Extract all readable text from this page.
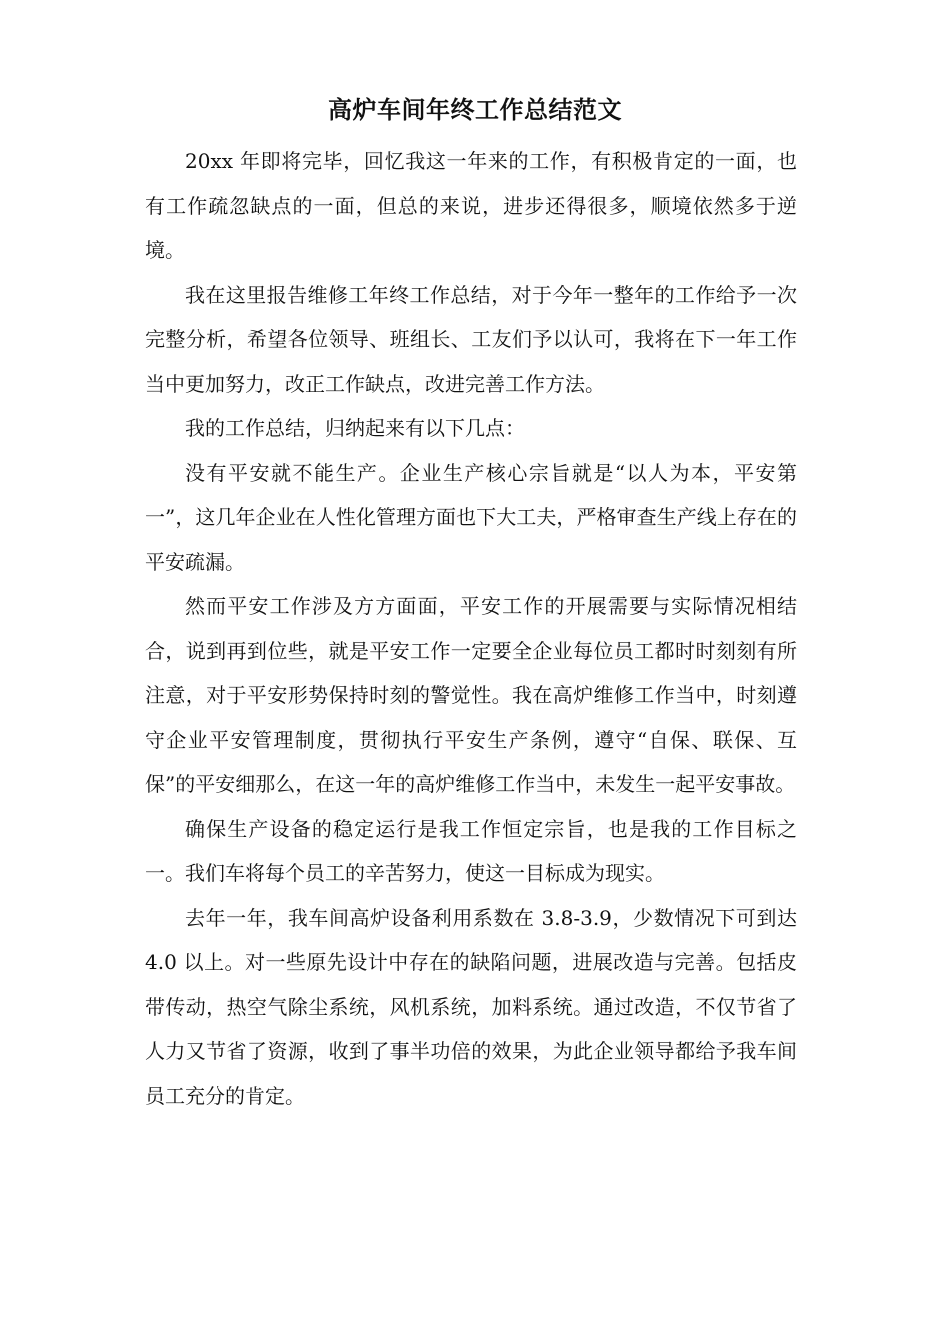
高炉车间年终工作总结范文

20xx 年即将完毕，回忆我这一年来的工作，有积极肯定的一面，也有工作疏忽缺点的一面，但总的来说，进步还得很多，顺境依然多于逆境。

我在这里报告维修工年终工作总结，对于今年一整年的工作给予一次完整分析，希望各位领导、班组长、工友们予以认可，我将在下一年工作当中更加努力，改正工作缺点，改进完善工作方法。

我的工作总结，归纳起来有以下几点：

没有平安就不能生产。企业生产核心宗旨就是“以人为本，平安第一”，这几年企业在人性化管理方面也下大工夫，严格审查生产线上存在的平安疏漏。

然而平安工作涉及方方面面，平安工作的开展需要与实际情况相结合，说到再到位些，就是平安工作一定要全企业每位员工都时时刻刻有所注意，对于平安形势保持时刻的警觉性。我在高炉维修工作当中，时刻遵守企业平安管理制度，贯彻执行平安生产条例，遵守“自保、联保、互保”的平安细那么，在这一年的高炉维修工作当中，未发生一起平安事故。

确保生产设备的稳定运行是我工作恒定宗旨，也是我的工作目标之一。我们车将每个员工的辛苦努力，使这一目标成为现实。

去年一年，我车间高炉设备利用系数在 3.8-3.9，少数情况下可到达 4.0 以上。对一些原先设计中存在的缺陷问题，进展改造与完善。包括皮带传动，热空气除尘系统，风机系统，加料系统。通过改造，不仅节省了人力又节省了资源，收到了事半功倍的效果，为此企业领导都给予我车间员工充分的肯定。
